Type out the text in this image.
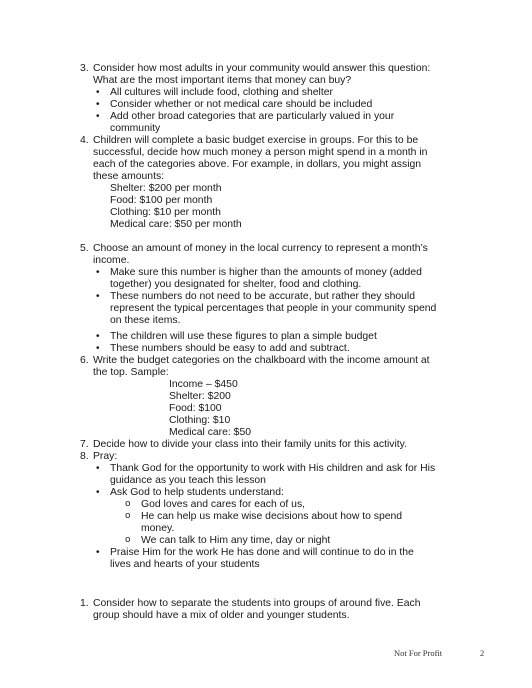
3. Consider how most adults in your community would answer this question:
What are the most important items that money can buy?
• All cultures will include food, clothing and shelter
• Consider whether or not medical care should be included
• Add other broad categories that are particularly valued in your
community
4. Children will complete a basic budget exercise in groups. For this to be
successful, decide how much money a person might spend in a month in
each of the categories above. For example, in dollars, you might assign
these amounts:
Shelter: $200 per month
Food: $100 per month
Clothing: $10 per month
Medical care: $50 per month
5. Choose an amount of money in the local currency to represent a month’s
income.
• Make sure this number is higher than the amounts of money (added
together) you designated for shelter, food and clothing.
• These numbers do not need to be accurate, but rather they should
represent the typical percentages that people in your community spend
on these items.
• The children will use these figures to plan a simple budget
• These numbers should be easy to add and subtract.
6. Write the budget categories on the chalkboard with the income amount at
the top. Sample:
Income – $450
Shelter: $200
Food: $100
Clothing: $10
Medical care: $50
7. Decide how to divide your class into their family units for this activity.
8. Pray:
• Thank God for the opportunity to work with His children and ask for His
guidance as you teach this lesson
• Ask God to help students understand:
o God loves and cares for each of us,
o He can help us make wise decisions about how to spend
money.
o We can talk to Him any time, day or night
• Praise Him for the work He has done and will continue to do in the
lives and hearts of your students
1. Consider how to separate the students into groups of around five. Each
group should have a mix of older and younger students.
Not For Profit	2
